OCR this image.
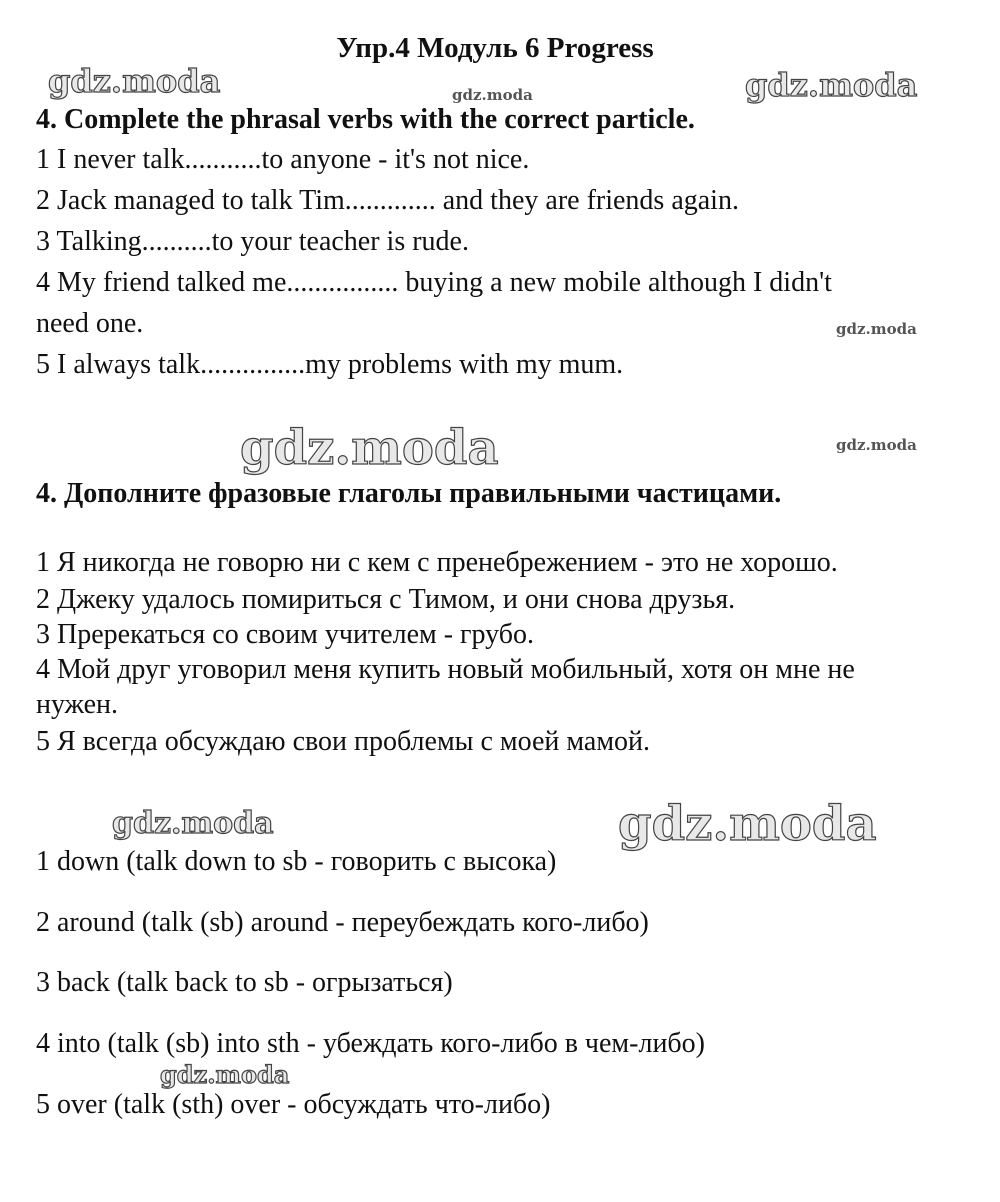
Упр.4 Модуль 6 Progress
gdz.moda	gdz.moda	gdz.moda
gdz.moda
gdz.moda	gdz.moda
gdz.moda	gdz.moda
gdz.moda
4. Complete the phrasal verbs with the correct particle.
1 I never talk...........to anyone - it's not nice.
2 Jack managed to talk Tim............. and they are friends again.
3 Talking..........to your teacher is rude.
4 My friend talked me................ buying a new mobile although I didn't
need one.
5 I always talk...............my problems with my mum.
4. Дополните фразовые глаголы правильными частицами.
1 Я никогда не говорю ни с кем с пренебрежением - это не хорошо.
2 Джеку удалось помириться с Тимом, и они снова друзья.
3 Пререкаться со своим учителем - грубо.
4 Мой друг уговорил меня купить новый мобильный, хотя он мне не
нужен.
5 Я всегда обсуждаю свои проблемы с моей мамой.
1 down (talk down to sb - говорить с высока)
2 around (talk (sb) around - переубеждать кого-либо)
3 back (talk back to sb - огрызаться)
4 into (talk (sb) into sth - убеждать кого-либо в чем-либо)
5 over (talk (sth) over - обсуждать что-либо)
